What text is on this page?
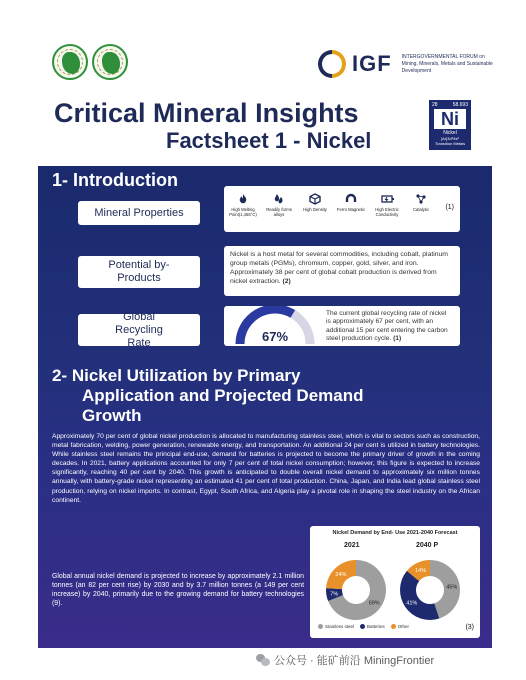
IGF INTERGOVERNMENTAL FORUM on Mining, Minerals, Metals and Sustainable Development
Critical Mineral Insights
Factsheet 1 - Nickel
28	58.693
Ni
Nickel
[Ar]3d⁸4s²
Transition Metals
1- Introduction
Mineral Properties	High Melting Point(1,455°C)
Readily forms alloys
High Density	Ferro Magnetic	High Electric Conductivity
Catalytic	(1)
Potential by-Products
Nickel is a host metal for several commodities, including cobalt, platinum group metals (PGMs), chromium, copper, gold, silver, and iron. Approximately 38 per cent of global cobalt production is derived from nickel extraction. (2)
Global Recycling Rate	67%
The current global recycling rate of nickel is approximately 67 per cent, with an additional 15 per cent entering the carbon steel production cycle. (1)
2- Nickel Utilization by Primary
Application and Projected Demand
Growth
Approximately 70 per cent of global nickel production is allocated to manufacturing stainless steel, which is vital to sectors such as construction, metal fabrication, welding, power generation, renewable energy, and transportation. An additional 24 per cent is utilized in battery technologies. While stainless steel remains the principal end-use, demand for batteries is projected to become the primary driver of growth in the coming decades. In 2021, battery applications accounted for only 7 per cent of total nickel consumption; however, this figure is expected to increase significantly, reaching 40 per cent by 2040. This growth is anticipated to double overall nickel demand to approximately six million tonnes annually, with battery-grade nickel representing an estimated 41 per cent of total production. China, Japan, and India lead global stainless steel production, relying on nickel imports. In contrast, Egypt, South Africa, and Algeria play a pivotal role in shaping the steel industry on the African continent.
Global annual nickel demand is projected to increase by approximately 2.1 million tonnes (an 82 per cent rise) by 2030 and by 3.7 million tonnes (a 149 per cent increase) by 2040, primarily due to the growing demand for battery technologies (9).
Nickel Demand by End- Use 2021-2040 Forecast
2021	2040 P
69%
7%
24%
45%
41%
14%
Stainless steel	Batteries	Other	(3)
公众号 · 能矿前沿 MiningFrontier
